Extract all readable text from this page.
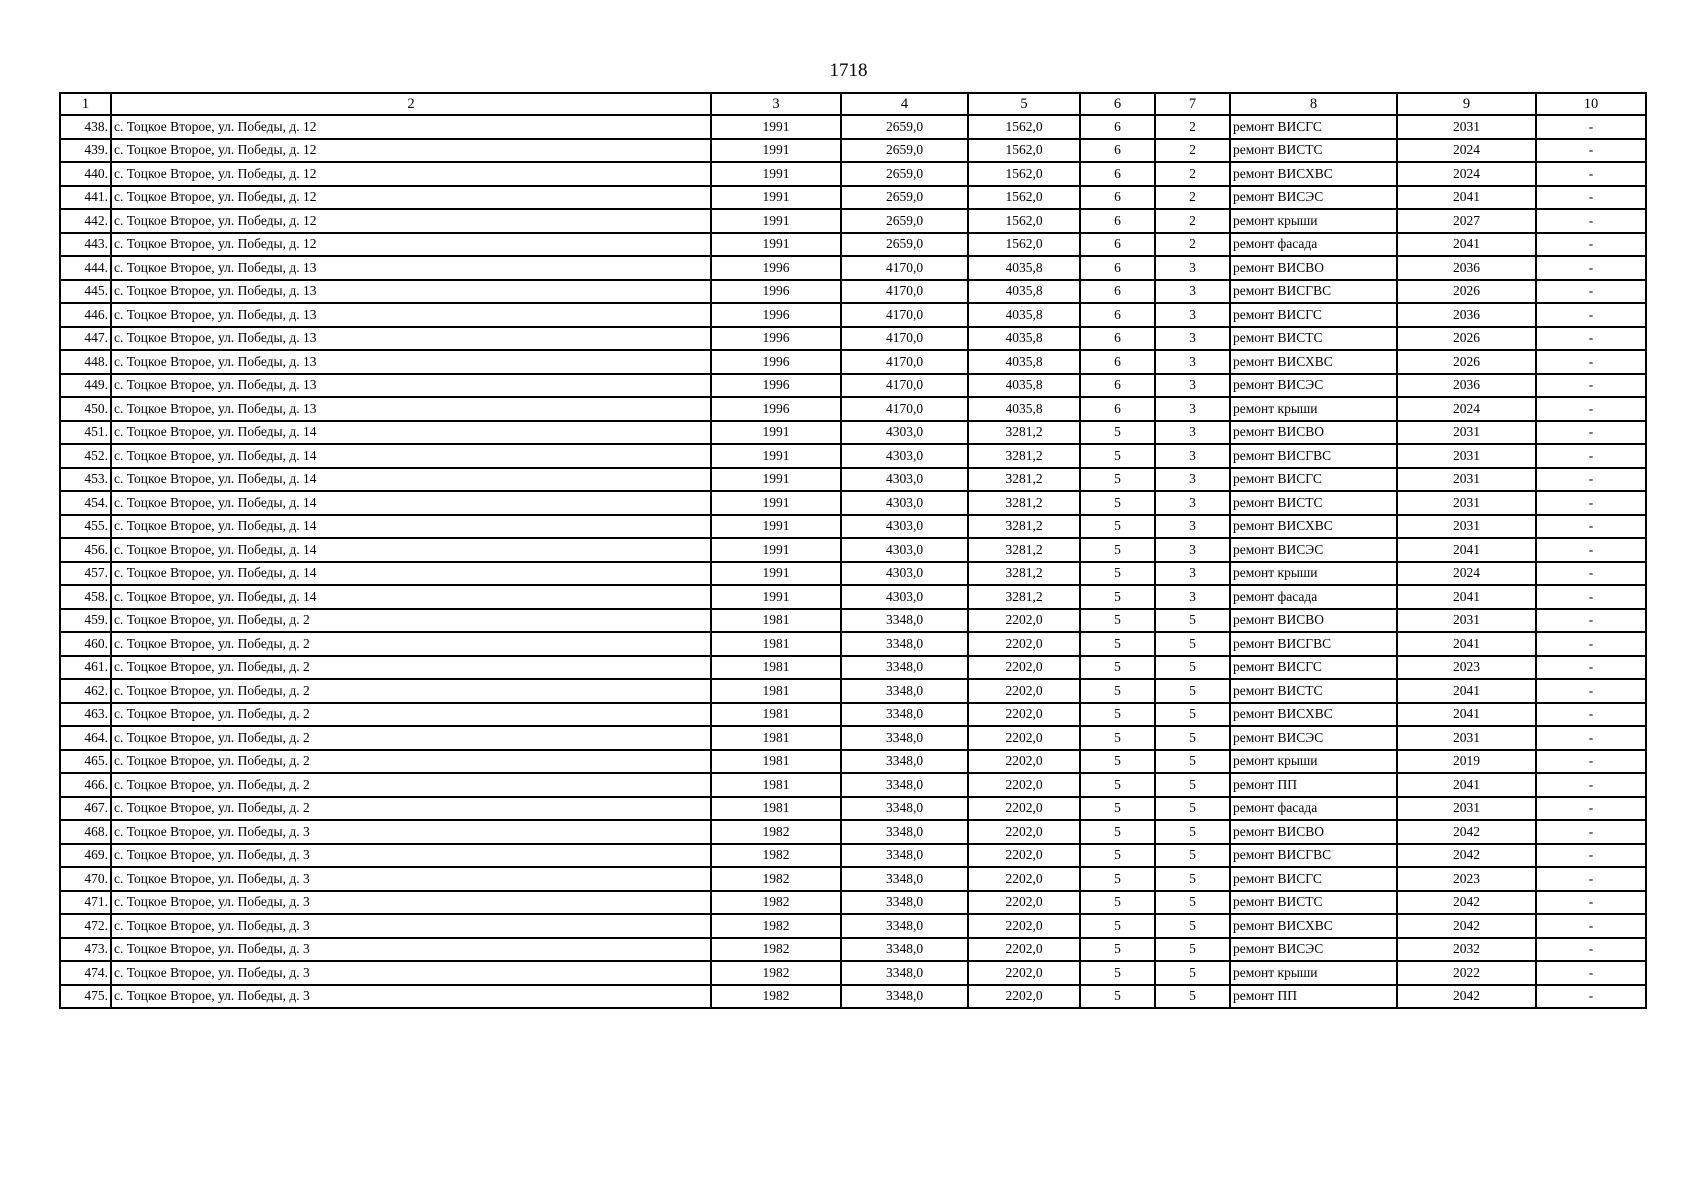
1718
1	2	3	4	5	6	7	8	9	10
438.	с. Тоцкое Второе, ул. Победы, д. 12	1991	2659,0	1562,0	6	2	ремонт ВИСГС	2031	-
439.	с. Тоцкое Второе, ул. Победы, д. 12	1991	2659,0	1562,0	6	2	ремонт ВИСТС	2024	-
440.	с. Тоцкое Второе, ул. Победы, д. 12	1991	2659,0	1562,0	6	2	ремонт ВИСХВС	2024	-
441.	с. Тоцкое Второе, ул. Победы, д. 12	1991	2659,0	1562,0	6	2	ремонт ВИСЭС	2041	-
442.	с. Тоцкое Второе, ул. Победы, д. 12	1991	2659,0	1562,0	6	2	ремонт крыши	2027	-
443.	с. Тоцкое Второе, ул. Победы, д. 12	1991	2659,0	1562,0	6	2	ремонт фасада	2041	-
444.	с. Тоцкое Второе, ул. Победы, д. 13	1996	4170,0	4035,8	6	3	ремонт ВИСВО	2036	-
445.	с. Тоцкое Второе, ул. Победы, д. 13	1996	4170,0	4035,8	6	3	ремонт ВИСГВС	2026	-
446.	с. Тоцкое Второе, ул. Победы, д. 13	1996	4170,0	4035,8	6	3	ремонт ВИСГС	2036	-
447.	с. Тоцкое Второе, ул. Победы, д. 13	1996	4170,0	4035,8	6	3	ремонт ВИСТС	2026	-
448.	с. Тоцкое Второе, ул. Победы, д. 13	1996	4170,0	4035,8	6	3	ремонт ВИСХВС	2026	-
449.	с. Тоцкое Второе, ул. Победы, д. 13	1996	4170,0	4035,8	6	3	ремонт ВИСЭС	2036	-
450.	с. Тоцкое Второе, ул. Победы, д. 13	1996	4170,0	4035,8	6	3	ремонт крыши	2024	-
451.	с. Тоцкое Второе, ул. Победы, д. 14	1991	4303,0	3281,2	5	3	ремонт ВИСВО	2031	-
452.	с. Тоцкое Второе, ул. Победы, д. 14	1991	4303,0	3281,2	5	3	ремонт ВИСГВС	2031	-
453.	с. Тоцкое Второе, ул. Победы, д. 14	1991	4303,0	3281,2	5	3	ремонт ВИСГС	2031	-
454.	с. Тоцкое Второе, ул. Победы, д. 14	1991	4303,0	3281,2	5	3	ремонт ВИСТС	2031	-
455.	с. Тоцкое Второе, ул. Победы, д. 14	1991	4303,0	3281,2	5	3	ремонт ВИСХВС	2031	-
456.	с. Тоцкое Второе, ул. Победы, д. 14	1991	4303,0	3281,2	5	3	ремонт ВИСЭС	2041	-
457.	с. Тоцкое Второе, ул. Победы, д. 14	1991	4303,0	3281,2	5	3	ремонт крыши	2024	-
458.	с. Тоцкое Второе, ул. Победы, д. 14	1991	4303,0	3281,2	5	3	ремонт фасада	2041	-
459.	с. Тоцкое Второе, ул. Победы, д. 2	1981	3348,0	2202,0	5	5	ремонт ВИСВО	2031	-
460.	с. Тоцкое Второе, ул. Победы, д. 2	1981	3348,0	2202,0	5	5	ремонт ВИСГВС	2041	-
461.	с. Тоцкое Второе, ул. Победы, д. 2	1981	3348,0	2202,0	5	5	ремонт ВИСГС	2023	-
462.	с. Тоцкое Второе, ул. Победы, д. 2	1981	3348,0	2202,0	5	5	ремонт ВИСТС	2041	-
463.	с. Тоцкое Второе, ул. Победы, д. 2	1981	3348,0	2202,0	5	5	ремонт ВИСХВС	2041	-
464.	с. Тоцкое Второе, ул. Победы, д. 2	1981	3348,0	2202,0	5	5	ремонт ВИСЭС	2031	-
465.	с. Тоцкое Второе, ул. Победы, д. 2	1981	3348,0	2202,0	5	5	ремонт крыши	2019	-
466.	с. Тоцкое Второе, ул. Победы, д. 2	1981	3348,0	2202,0	5	5	ремонт ПП	2041	-
467.	с. Тоцкое Второе, ул. Победы, д. 2	1981	3348,0	2202,0	5	5	ремонт фасада	2031	-
468.	с. Тоцкое Второе, ул. Победы, д. 3	1982	3348,0	2202,0	5	5	ремонт ВИСВО	2042	-
469.	с. Тоцкое Второе, ул. Победы, д. 3	1982	3348,0	2202,0	5	5	ремонт ВИСГВС	2042	-
470.	с. Тоцкое Второе, ул. Победы, д. 3	1982	3348,0	2202,0	5	5	ремонт ВИСГС	2023	-
471.	с. Тоцкое Второе, ул. Победы, д. 3	1982	3348,0	2202,0	5	5	ремонт ВИСТС	2042	-
472.	с. Тоцкое Второе, ул. Победы, д. 3	1982	3348,0	2202,0	5	5	ремонт ВИСХВС	2042	-
473.	с. Тоцкое Второе, ул. Победы, д. 3	1982	3348,0	2202,0	5	5	ремонт ВИСЭС	2032	-
474.	с. Тоцкое Второе, ул. Победы, д. 3	1982	3348,0	2202,0	5	5	ремонт крыши	2022	-
475.	с. Тоцкое Второе, ул. Победы, д. 3	1982	3348,0	2202,0	5	5	ремонт ПП	2042	-
